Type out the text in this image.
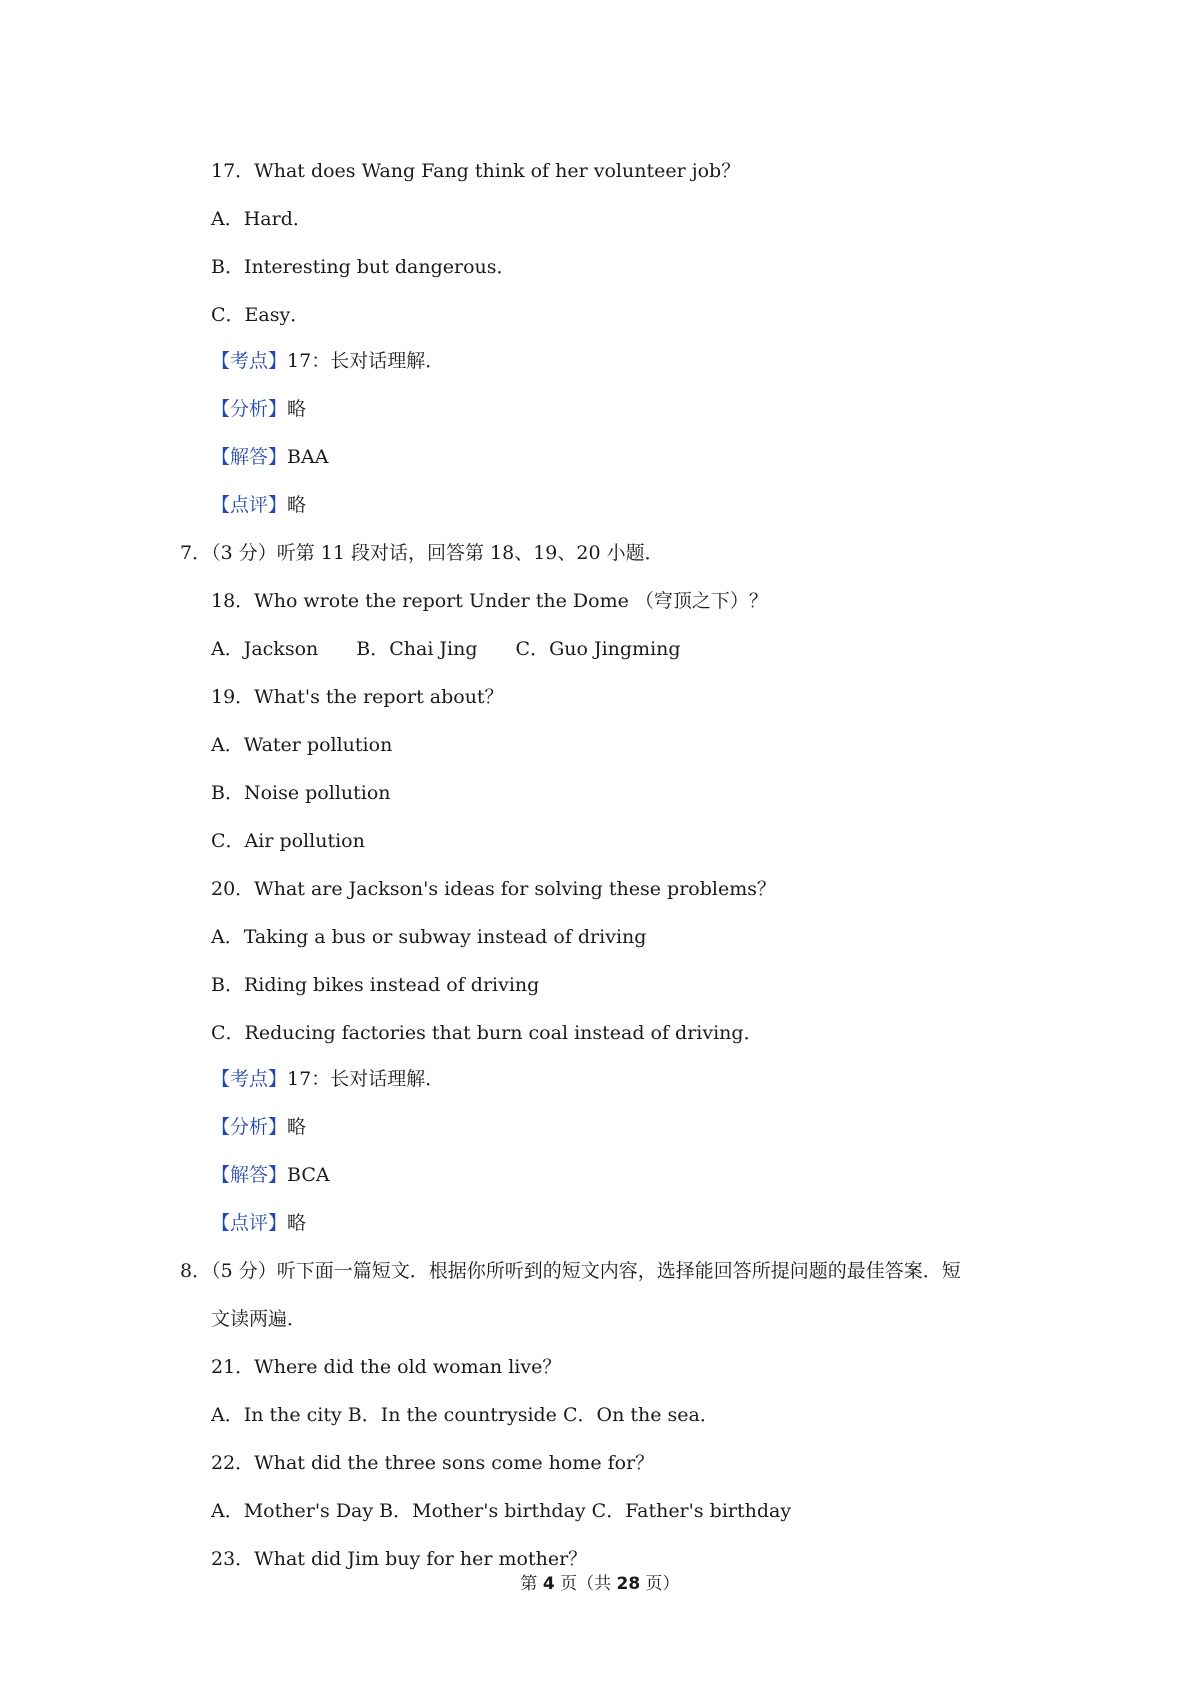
17．What does Wang Fang think of her volunteer job？
A．Hard．
B．Interesting but dangerous．
C．Easy．
【考点】17：长对话理解．
【分析】略
【解答】BAA
【点评】略
7．（3 分）听第 11 段对话，回答第 18、19、20 小题．
18．Who wrote the report Under the Dome （穹顶之下）？
A．Jackson B．Chai Jing C．Guo Jingming
19．What's the report about？
A．Water pollution
B．Noise pollution
C．Air pollution
20．What are Jackson's ideas for solving these problems？
A．Taking a bus or subway instead of driving
B．Riding bikes instead of driving
C．Reducing factories that burn coal instead of driving．
【考点】17：长对话理解．
【分析】略
【解答】BCA
【点评】略
8．（5 分）听下面一篇短文．根据你所听到的短文内容，选择能回答所提问题的最佳答案．短
文读两遍．
21．Where did the old woman live？
A．In the city B．In the countryside C．On the sea．
22．What did the three sons come home for？
A．Mother's Day B．Mother's birthday C．Father's birthday
23．What did Jim buy for her mother？
第 4 页（共 28 页）
